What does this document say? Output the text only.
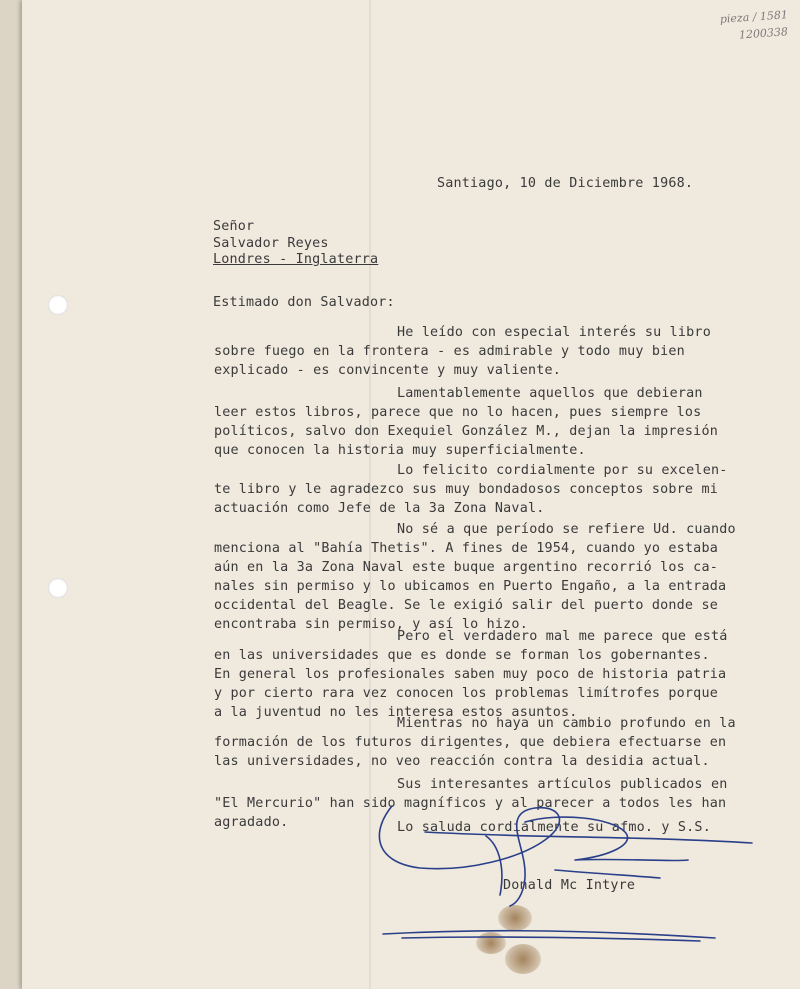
pieza / 1581
1200338
Santiago, 10 de Diciembre 1968.
Señor
Salvador Reyes
Londres - Inglaterra
Estimado don Salvador:
He leído con especial interés su libro
sobre fuego en la frontera - es admirable y todo muy bien
explicado - es convincente y muy valiente.
Lamentablemente aquellos que debieran
leer estos libros, parece que no lo hacen, pues siempre los
políticos, salvo don Exequiel González M., dejan la impresión
que conocen la historia muy superficialmente.
Lo felicito cordialmente por su excelen-
te libro y le agradezco sus muy bondadosos conceptos sobre mi
actuación como Jefe de la 3a Zona Naval.
No sé a que período se refiere Ud. cuando
menciona al "Bahía Thetis". A fines de 1954, cuando yo estaba
aún en la 3a Zona Naval este buque argentino recorrió los ca-
nales sin permiso y lo ubicamos en Puerto Engaño, a la entrada
occidental del Beagle. Se le exigió salir del puerto donde se
encontraba sin permiso, y así lo hizo.
Pero el verdadero mal me parece que está
en las universidades que es donde se forman los gobernantes.
En general los profesionales saben muy poco de historia patria
y por cierto rara vez conocen los problemas limítrofes porque
a la juventud no les interesa estos asuntos.
Mientras no haya un cambio profundo en la
formación de los futuros dirigentes, que debiera efectuarse en
las universidades, no veo reacción contra la desidia actual.
Sus interesantes artículos publicados en
"El Mercurio" han sido magníficos y al parecer a todos les han
agradado.	Lo saluda cordialmente su afmo. y S.S.
Donald Mc Intyre
